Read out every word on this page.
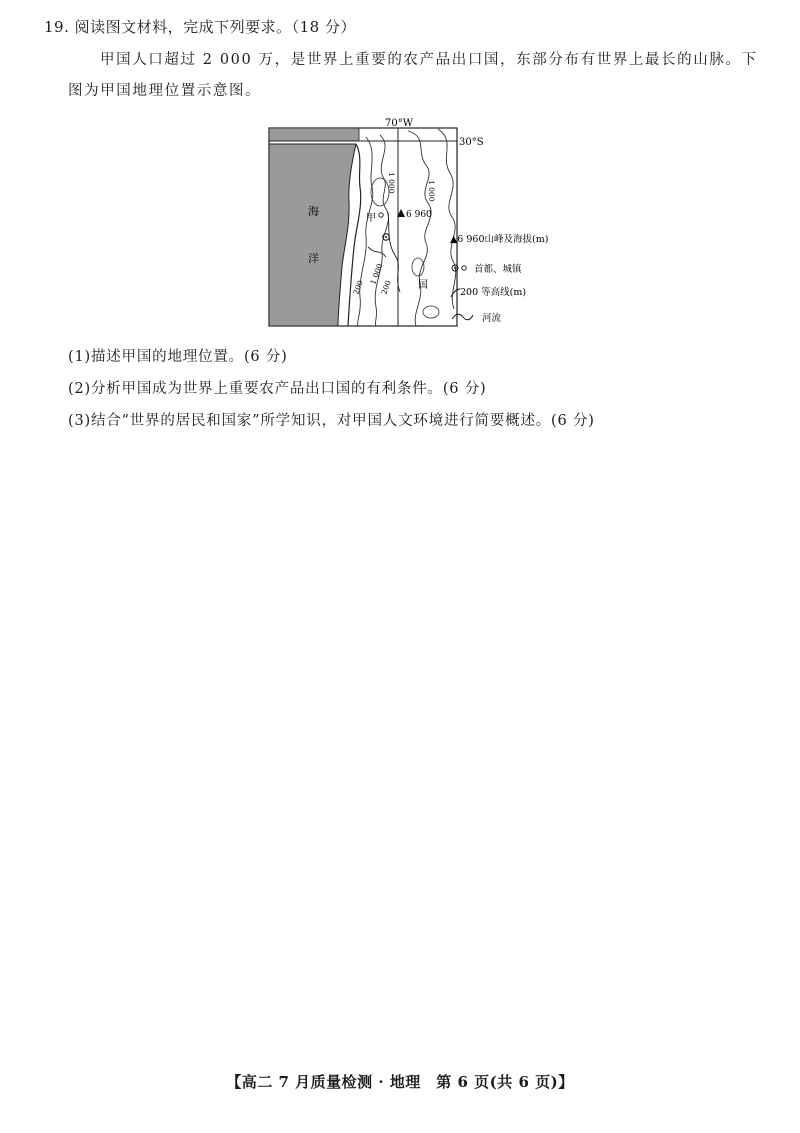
19. 阅读图文材料，完成下列要求。（18 分）
甲国人口超过 2 000 万，是世界上重要的农产品出口国，东部分布有世界上最长的山脉。下图为甲国地理位置示意图。
6 960
70°W
30°S
海
洋
甲
国
1 000	1 000
1 000
200 200
▲6 960山峰及海拔(m)
首都、城镇
200 等高线(m)
河流
(1)描述甲国的地理位置。(6 分)
(2)分析甲国成为世界上重要农产品出口国的有利条件。(6 分)
(3)结合“世界的居民和国家”所学知识，对甲国人文环境进行简要概述。(6 分)
【高二 7 月质量检测 · 地理　第 6 页(共 6 页)】
